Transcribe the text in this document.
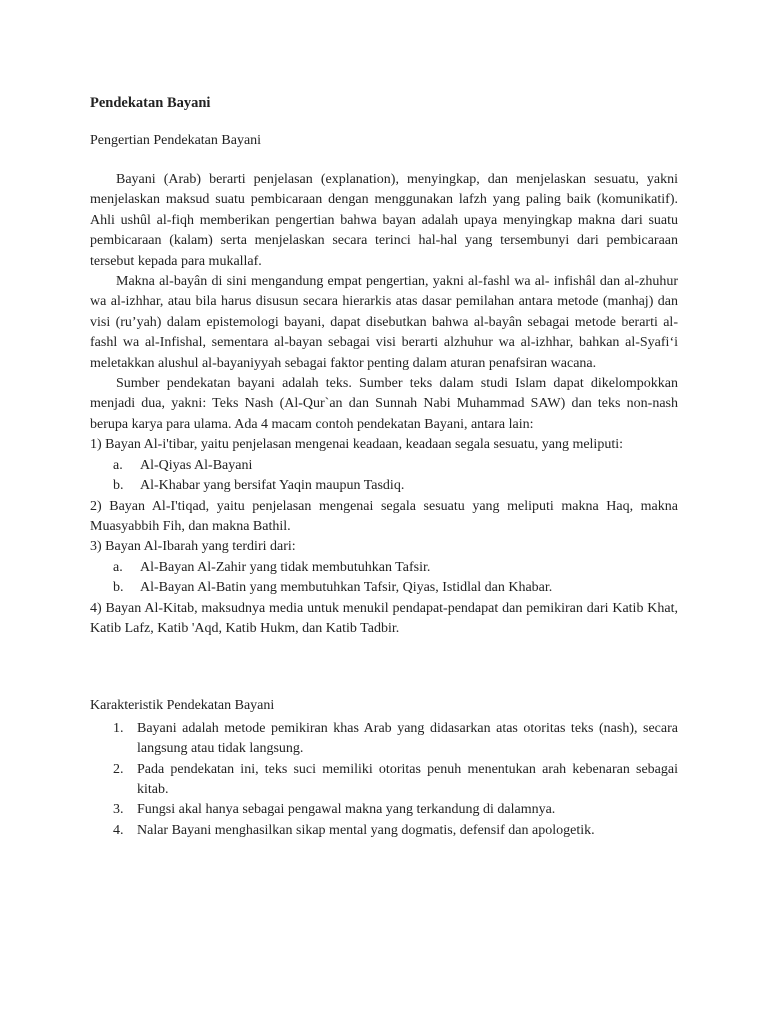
Pendekatan Bayani

Pengertian Pendekatan Bayani

Bayani (Arab) berarti penjelasan (explanation), menyingkap, dan menjelaskan sesuatu, yakni menjelaskan maksud suatu pembicaraan dengan menggunakan lafzh yang paling baik (komunikatif). Ahli ushûl al-fiqh memberikan pengertian bahwa bayan adalah upaya menyingkap makna dari suatu pembicaraan (kalam) serta menjelaskan secara terinci hal-hal yang tersembunyi dari pembicaraan tersebut kepada para mukallaf.

Makna al-bayân di sini mengandung empat pengertian, yakni al-fashl wa al- infishâl dan al-zhuhur wa al-izhhar, atau bila harus disusun secara hierarkis atas dasar pemilahan antara metode (manhaj) dan visi (ru’yah) dalam epistemologi bayani, dapat disebutkan bahwa al-bayân sebagai metode berarti al-fashl wa al-Infishal, sementara al-bayan sebagai visi berarti alzhuhur wa al-izhhar, bahkan al-Syafi‘i meletakkan alushul al-bayaniyyah sebagai faktor penting dalam aturan penafsiran wacana.

Sumber pendekatan bayani adalah teks. Sumber teks dalam studi Islam dapat dikelompokkan menjadi dua, yakni: Teks Nash (Al-Qur`an dan Sunnah Nabi Muhammad SAW) dan teks non-nash berupa karya para ulama. Ada 4 macam contoh pendekatan Bayani, antara lain:

1) Bayan Al-i'tibar, yaitu penjelasan mengenai keadaan, keadaan segala sesuatu, yang meliputi:

a. Al-Qiyas Al-Bayani

b. Al-Khabar yang bersifat Yaqin maupun Tasdiq.

2) Bayan Al-I'tiqad, yaitu penjelasan mengenai segala sesuatu yang meliputi makna Haq, makna Muasyabbih Fih, dan makna Bathil.

3) Bayan Al-Ibarah yang terdiri dari:

a. Al-Bayan Al-Zahir yang tidak membutuhkan Tafsir.

b. Al-Bayan Al-Batin yang membutuhkan Tafsir, Qiyas, Istidlal dan Khabar.

4) Bayan Al-Kitab, maksudnya media untuk menukil pendapat-pendapat dan pemikiran dari Katib Khat, Katib Lafz, Katib 'Aqd, Katib Hukm, dan Katib Tadbir.

Karakteristik Pendekatan Bayani

1. Bayani adalah metode pemikiran khas Arab yang didasarkan atas otoritas teks (nash), secara langsung atau tidak langsung.
2. Pada pendekatan ini, teks suci memiliki otoritas penuh menentukan arah kebenaran sebagai kitab.
3. Fungsi akal hanya sebagai pengawal makna yang terkandung di dalamnya.
4. Nalar Bayani menghasilkan sikap mental yang dogmatis, defensif dan apologetik.
